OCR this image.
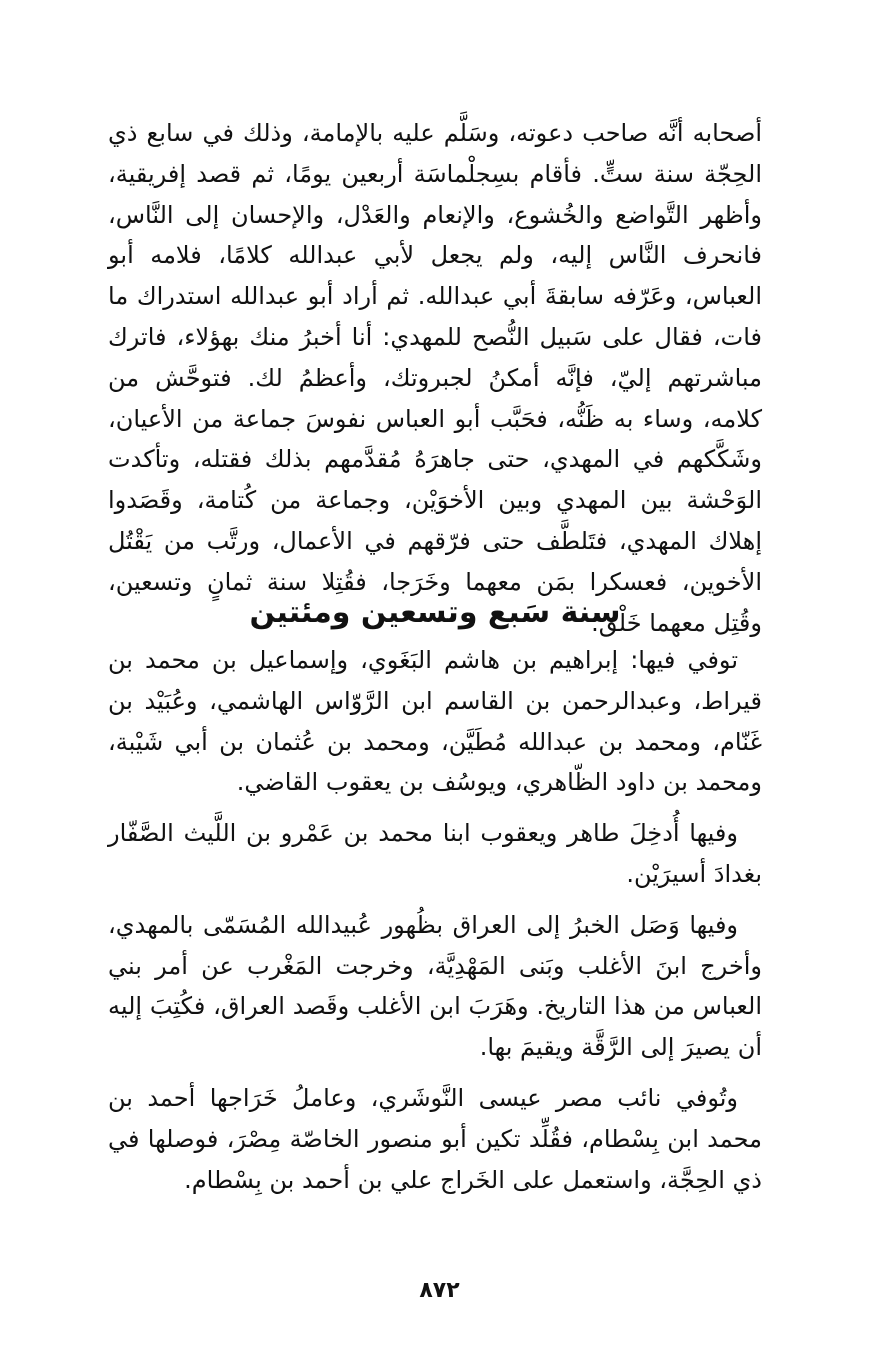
أصحابه أنَّه صاحب دعوته، وسَلَّم عليه بالإمامة، وذلك في سابع ذي الحِجّة سنة ستٍّ. فأقام بسِجلْماسَة أربعين يومًا، ثم قصد إفريقية، وأظهر التَّواضع والخُشوع، والإنعام والعَدْل، والإحسان إلى النَّاس، فانحرف النَّاس إليه، ولم يجعل لأبي عبدالله كلامًا، فلامه أبو العباس، وعَرّفه سابقةَ أبي عبدالله. ثم أراد أبو عبدالله استدراك ما فات، فقال على سَبيل النُّصح للمهدي: أنا أخبرُ منك بهؤلاء، فاترك مباشرتهم إليّ، فإنَّه أمكنُ لجبروتك، وأعظمُ لك. فتوحَّش من كلامه، وساء به ظَنُّه، فحَبَّب أبو العباس نفوسَ جماعة من الأعيان، وشَكَّكهم في المهدي، حتى جاهرَهُ مُقدَّمهم بذلك فقتله، وتأكدت الوَحْشة بين المهدي وبين الأخوَيْن، وجماعة من كُتامة، وقَصَدوا إهلاك المهدي، فتَلطَّف حتى فرّقهم في الأعمال، ورتَّب من يَقْتُل الأخوين، فعسكرا بمَن معهما وخَرَجا، فقُتِلا سنة ثمانٍ وتسعين، وقُتِل معهما خَلْق.

سنة سَبع وتسعين ومئتين

توفي فيها: إبراهيم بن هاشم البَغَوي، وإسماعيل بن محمد بن قيراط، وعبدالرحمن بن القاسم ابن الرَّوّاس الهاشمي، وعُبَيْد بن غَنّام، ومحمد بن عبدالله مُطَيَّن، ومحمد بن عُثمان بن أبي شَيْبة، ومحمد بن داود الظّاهري، ويوسُف بن يعقوب القاضي.

وفيها أُدخِلَ طاهر ويعقوب ابنا محمد بن عَمْرو بن اللَّيث الصَّفّار بغدادَ أسيرَيْن.

وفيها وَصَل الخبرُ إلى العراق بظُهور عُبيدالله المُسَمّى بالمهدي، وأخرج ابنَ الأغلب وبَنى المَهْدِيَّة، وخرجت المَغْرب عن أمر بني العباس من هذا التاريخ. وهَرَبَ ابن الأغلب وقَصد العراق، فكُتِبَ إليه أن يصيرَ إلى الرَّقَّة ويقيمَ بها.

وتُوفي نائب مصر عيسى النَّوشَري، وعاملُ خَرَاجها أحمد بن محمد ابن بِسْطام، فقُلِّد تكين أبو منصور الخاصّة مِصْرَ، فوصلها في ذي الحِجَّة، واستعمل على الخَراج علي بن أحمد بن بِسْطام.

٨٧٢
